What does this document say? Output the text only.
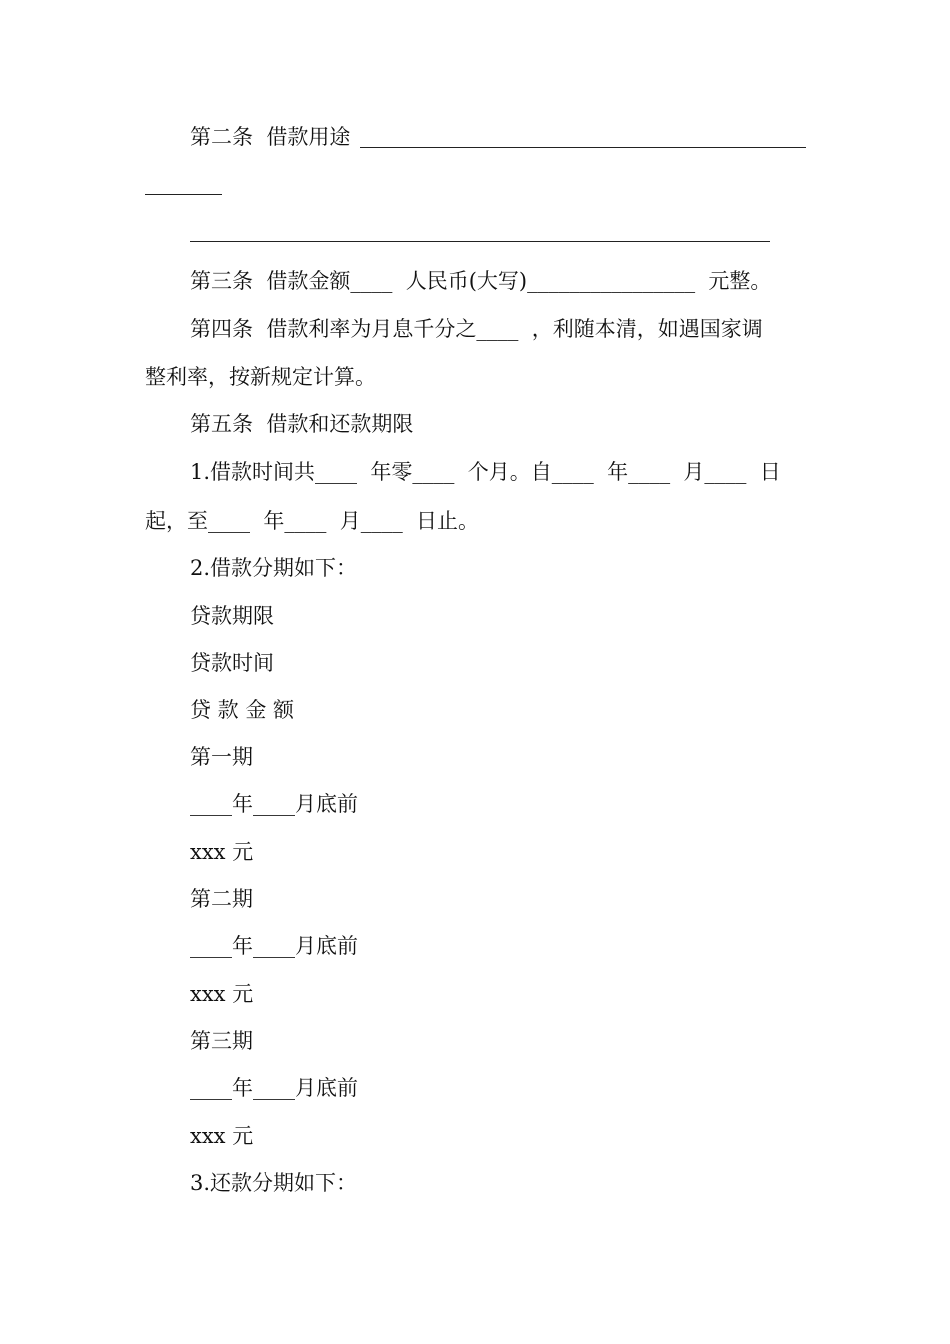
第二条  借款用途
第三条  借款金额____  人民币(大写)________________  元整。
第四条  借款利率为月息千分之____  ，利随本清，如遇国家调
整利率，按新规定计算。
第五条  借款和还款期限
1.借款时间共____  年零____  个月。自____  年____  月____  日
起，至____  年____  月____  日止。
2.借款分期如下：
贷款期限
贷款时间
贷 款 金 额
第一期
____年____月底前
xxx 元
第二期
____年____月底前
xxx 元
第三期
____年____月底前
xxx 元
3.还款分期如下：
